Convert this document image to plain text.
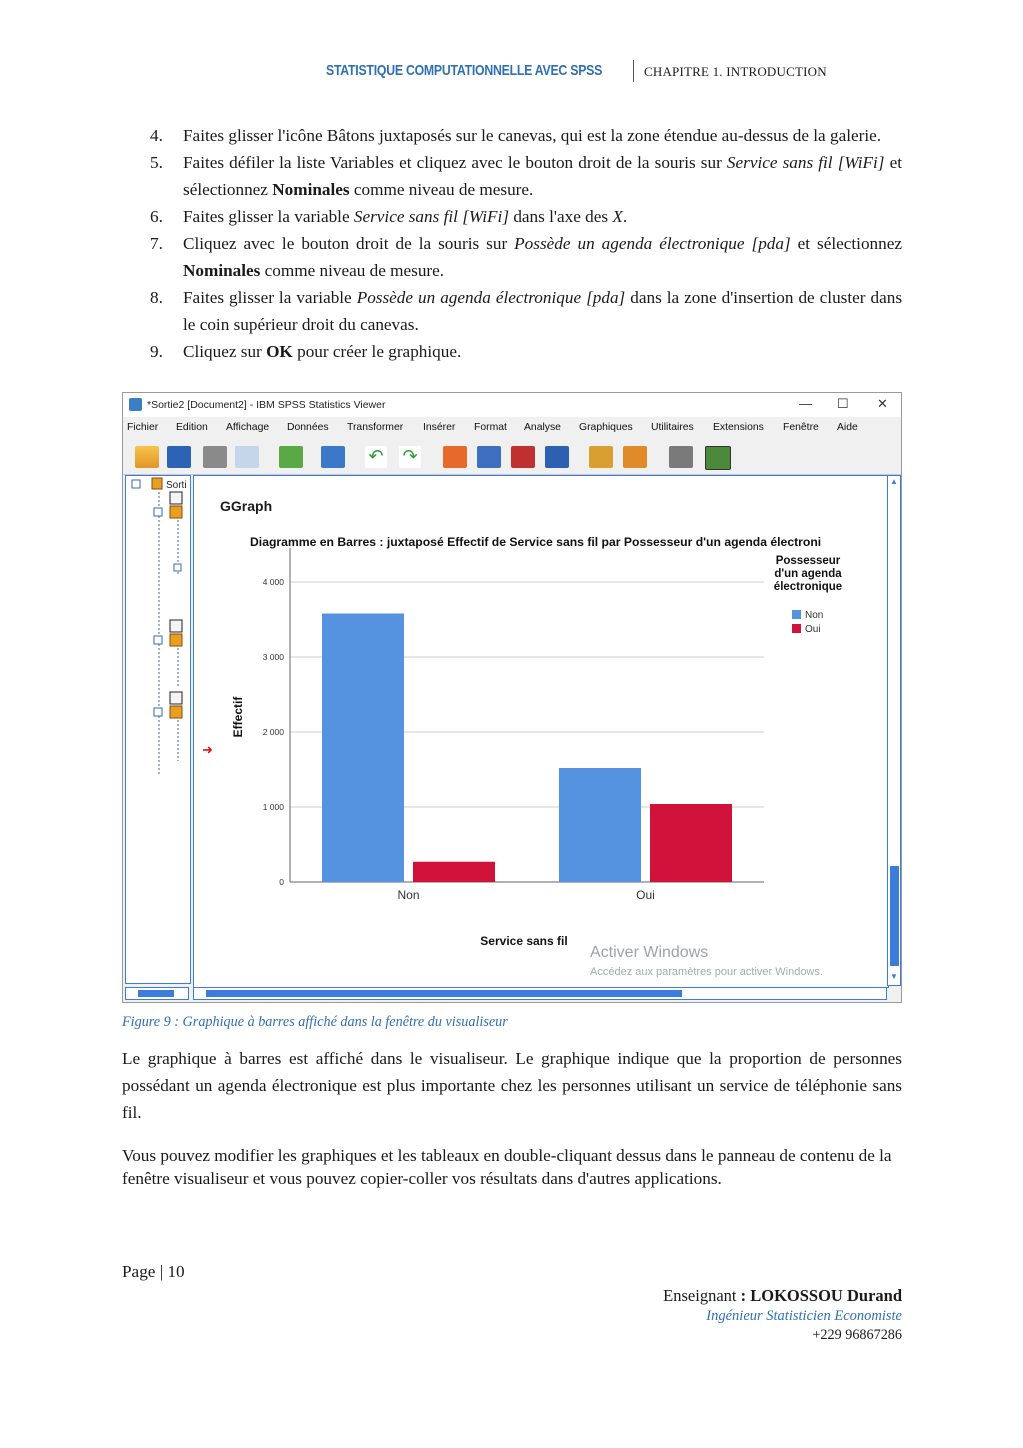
STATISTIQUE COMPUTATIONNELLE AVEC SPSS	CHAPITRE 1. INTRODUCTION
4. Faites glisser l'icône Bâtons juxtaposés sur le canevas, qui est la zone étendue au-dessus de la galerie.
5. Faites défiler la liste Variables et cliquez avec le bouton droit de la souris sur Service sans fil [WiFi] et sélectionnez Nominales comme niveau de mesure.
6. Faites glisser la variable Service sans fil [WiFi] dans l'axe des X.
7. Cliquez avec le bouton droit de la souris sur Possède un agenda électronique [pda] et sélectionnez Nominales comme niveau de mesure.
8. Faites glisser la variable Possède un agenda électronique [pda] dans la zone d'insertion de cluster dans le coin supérieur droit du canevas.
9. Cliquez sur OK pour créer le graphique.
*Sortie2 [Document2] - IBM SPSS Statistics Viewer	— ☐ ✕
Fichier Edition Affichage Données Transformer Insérer Format Analyse Graphiques Utilitaires Extensions Fenêtre Aide
↶ ↷
Sorti
GGraph
➜
Diagramme en Barres : juxtaposé Effectif de Service sans fil par Possesseur d'un agenda électroni
Effectif
Service sans fil
0
1 000
2 000
3 000
4 000
Non	Oui
Possesseur
d'un agenda
électronique
Non
Oui
Activer Windows
Accédez aux paramètres pour activer Windows.
▲
▼
Figure 9 : Graphique à barres affiché dans la fenêtre du visualiseur
Le graphique à barres est affiché dans le visualiseur. Le graphique indique que la proportion de personnes possédant un agenda électronique est plus importante chez les personnes utilisant un service de téléphonie sans fil.
Vous pouvez modifier les graphiques et les tableaux en double-cliquant dessus dans le panneau de contenu de la fenêtre visualiseur et vous pouvez copier-coller vos résultats dans d'autres applications.
Page | 10
Enseignant : LOKOSSOU Durand
Ingénieur Statisticien Economiste
+229 96867286
